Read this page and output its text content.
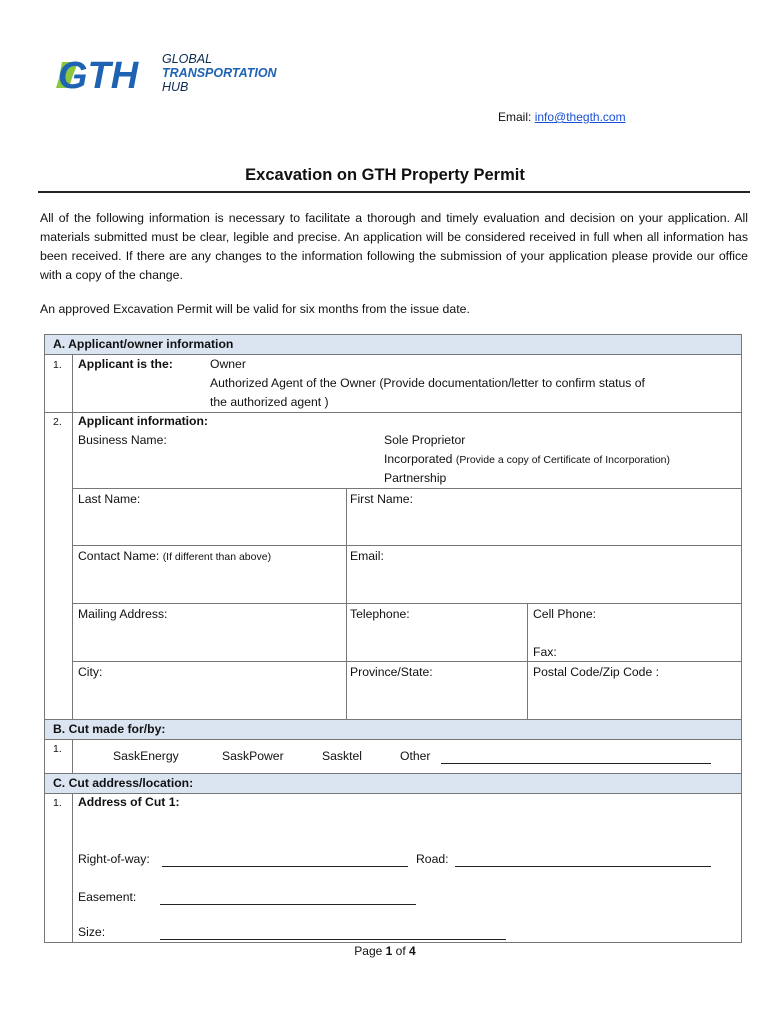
GTH GLOBAL
TRANSPORTATION
HUB
Email: info@thegth.com
Excavation on GTH Property Permit
All of the following information is necessary to facilitate a thorough and timely evaluation and decision on your application. All materials submitted must be clear, legible and precise. An application will be considered received in full when all information has been received. If there are any changes to the information following the submission of your application please provide our office with a copy of the change.
An approved Excavation Permit will be valid for six months from the issue date.
A. Applicant/owner information
1. Applicant is the:	Owner
Authorized Agent of the Owner (Provide documentation/letter to confirm status of
the authorized agent )
2. Applicant information:
Business Name:	Sole Proprietor
Incorporated (Provide a copy of Certificate of Incorporation)
Partnership
Last Name:	First Name:
Contact Name: (If different than above)	Email:
Mailing Address:	Telephone:	Cell Phone:
Fax:
City:	Province/State:	Postal Code/Zip Code :
B. Cut made for/by:
1.	SaskEnergy	SaskPower	Sasktel	Other
C. Cut address/location:
1. Address of Cut 1:
Right-of-way:	Road:
Easement:
Size:
Page 1 of 4
